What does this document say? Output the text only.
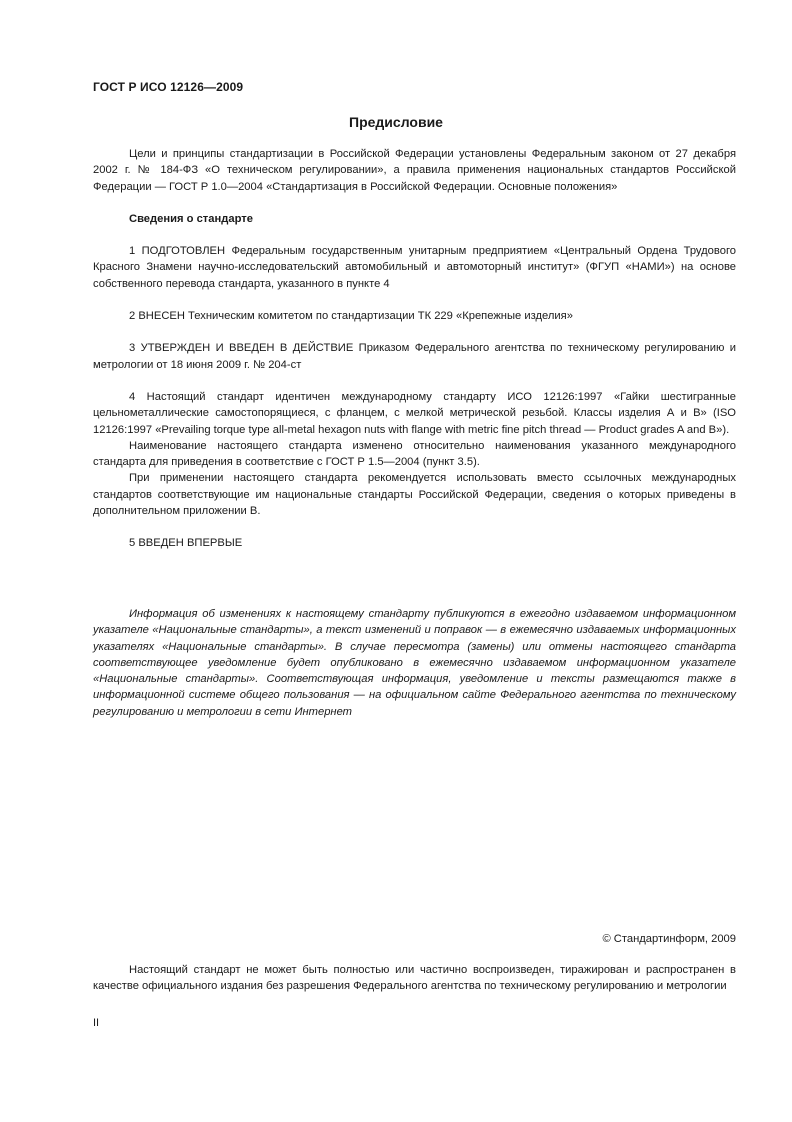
ГОСТ Р ИСО 12126—2009
Предисловие

Цели и принципы стандартизации в Российской Федерации установлены Федеральным законом от 27 декабря 2002 г. № 184-ФЗ «О техническом регулировании», а правила применения национальных стандартов Российской Федерации — ГОСТ Р 1.0—2004 «Стандартизация в Российской Федерации. Основные положения»

Сведения о стандарте

1 ПОДГОТОВЛЕН Федеральным государственным унитарным предприятием «Центральный Ордена Трудового Красного Знамени научно-исследовательский автомобильный и автомоторный институт» (ФГУП «НАМИ») на основе собственного перевода стандарта, указанного в пункте 4

2 ВНЕСЕН Техническим комитетом по стандартизации ТК 229 «Крепежные изделия»

3 УТВЕРЖДЕН И ВВЕДЕН В ДЕЙСТВИЕ Приказом Федерального агентства по техническому регулированию и метрологии от 18 июня 2009 г. № 204-ст

4 Настоящий стандарт идентичен международному стандарту ИСО 12126:1997 «Гайки шестигранные цельнометаллические самостопорящиеся, с фланцем, с мелкой метрической резьбой. Классы изделия А и В» (ISO 12126:1997 «Prevailing torque type all-metal hexagon nuts with flange with metric fine pitch thread — Product grades A and B»).

Наименование настоящего стандарта изменено относительно наименования указанного международного стандарта для приведения в соответствие с ГОСТ Р 1.5—2004 (пункт 3.5).

При применении настоящего стандарта рекомендуется использовать вместо ссылочных международных стандартов соответствующие им национальные стандарты Российской Федерации, сведения о которых приведены в дополнительном приложении В.

5 ВВЕДЕН ВПЕРВЫЕ

Информация об изменениях к настоящему стандарту публикуются в ежегодно издаваемом информационном указателе «Национальные стандарты», а текст изменений и поправок — в ежемесячно издаваемых информационных указателях «Национальные стандарты». В случае пересмотра (замены) или отмены настоящего стандарта соответствующее уведомление будет опубликовано в ежемесячно издаваемом информационном указателе «Национальные стандарты». Соответствующая информация, уведомление и тексты размещаются также в информационной системе общего пользования — на официальном сайте Федерального агентства по техническому регулированию и метрологии в сети Интернет

© Стандартинформ, 2009

Настоящий стандарт не может быть полностью или частично воспроизведен, тиражирован и распространен в качестве официального издания без разрешения Федерального агентства по техническому регулированию и метрологии

II
